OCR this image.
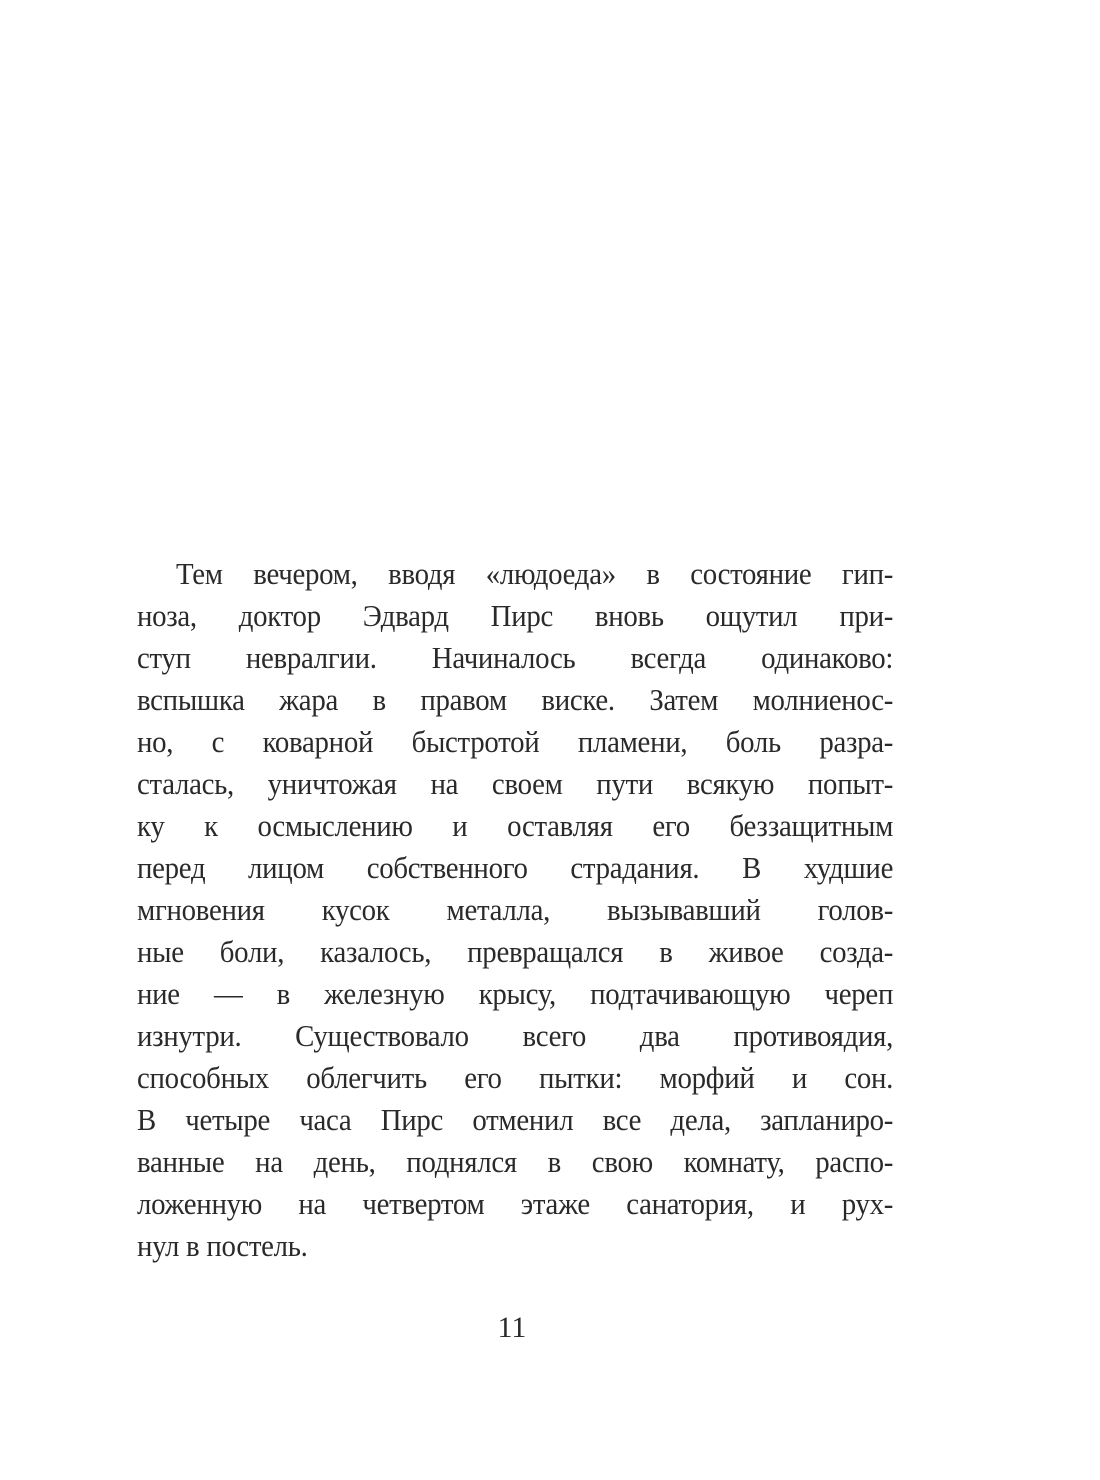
Тем вечером, вводя «людоеда» в состояние гип-
ноза, доктор Эдвард Пирс вновь ощутил при-
ступ невралгии. Начиналось всегда одинаково:
вспышка жара в правом виске. Затем молниенос-
но, с коварной быстротой пламени, боль разра-
сталась, уничтожая на своем пути всякую попыт-
ку к осмыслению и оставляя его беззащитным
перед лицом собственного страдания. В худшие
мгновения кусок металла, вызывавший голов-
ные боли, казалось, превращался в живое созда-
ние — в железную крысу, подтачивающую череп
изнутри. Существовало всего два противоядия,
способных облегчить его пытки: морфий и сон.
В четыре часа Пирс отменил все дела, заплaниро-
ванные на день, поднялся в свою комнату, распо-
ложенную на четвертом этаже санатория, и рух-
нул в постель.
11
